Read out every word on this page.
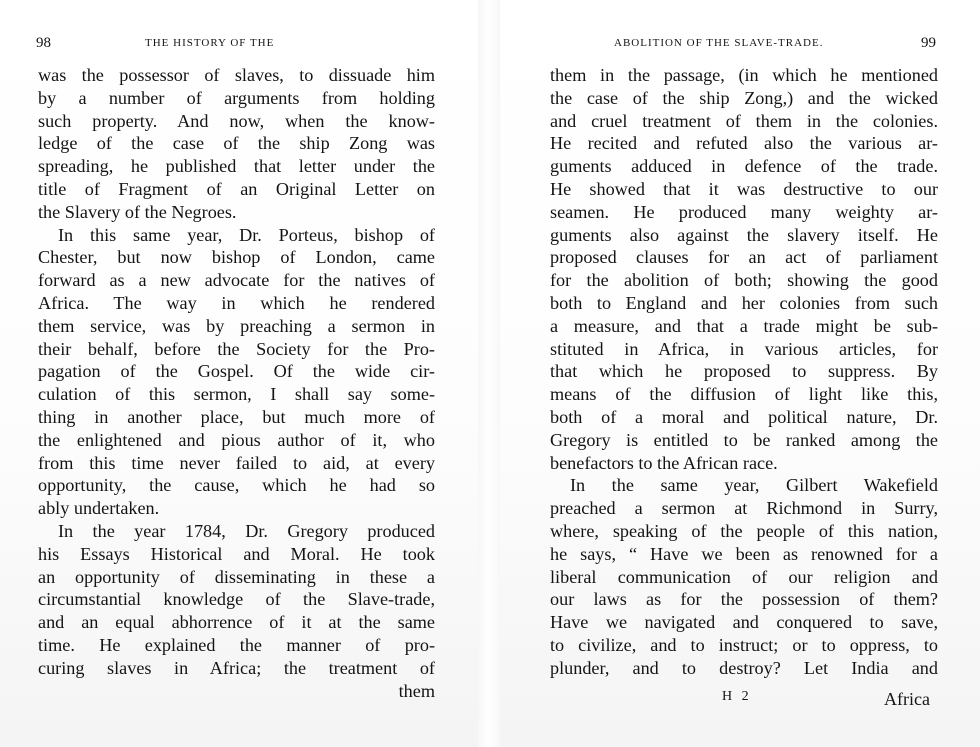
98	THE HISTORY OF THE
was the possessor of slaves, to dissuade him
by a number of arguments from holding
such property. And now, when the know-
ledge of the case of the ship Zong was
spreading, he published that letter under the
title of Fragment of an Original Letter on
the Slavery of the Negroes.
In this same year, Dr. Porteus, bishop of
Chester, but now bishop of London, came
forward as a new advocate for the natives of
Africa. The way in which he rendered
them service, was by preaching a sermon in
their behalf, before the Society for the Pro-
pagation of the Gospel. Of the wide cir-
culation of this sermon, I shall say some-
thing in another place, but much more of
the enlightened and pious author of it, who
from this time never failed to aid, at every
opportunity, the cause, which he had so
ably undertaken.
In the year 1784, Dr. Gregory produced
his Essays Historical and Moral. He took
an opportunity of disseminating in these a
circumstantial knowledge of the Slave-trade,
and an equal abhorrence of it at the same
time. He explained the manner of pro-
curing slaves in Africa; the treatment of
them
ABOLITION OF THE SLAVE-TRADE.	99
them in the passage, (in which he mentioned
the case of the ship Zong,) and the wicked
and cruel treatment of them in the colonies.
He recited and refuted also the various ar-
guments adduced in defence of the trade.
He showed that it was destructive to our
seamen. He produced many weighty ar-
guments also against the slavery itself. He
proposed clauses for an act of parliament
for the abolition of both; showing the good
both to England and her colonies from such
a measure, and that a trade might be sub-
stituted in Africa, in various articles, for
that which he proposed to suppress. By
means of the diffusion of light like this,
both of a moral and political nature, Dr.
Gregory is entitled to be ranked among the
benefactors to the African race.
In the same year, Gilbert Wakefield
preached a sermon at Richmond in Surry,
where, speaking of the people of this nation,
he says, “ Have we been as renowned for a
liberal communication of our religion and
our laws as for the possession of them?
Have we navigated and conquered to save,
to civilize, and to instruct; or to oppress, to
plunder, and to destroy? Let India and
H 2	Africa
